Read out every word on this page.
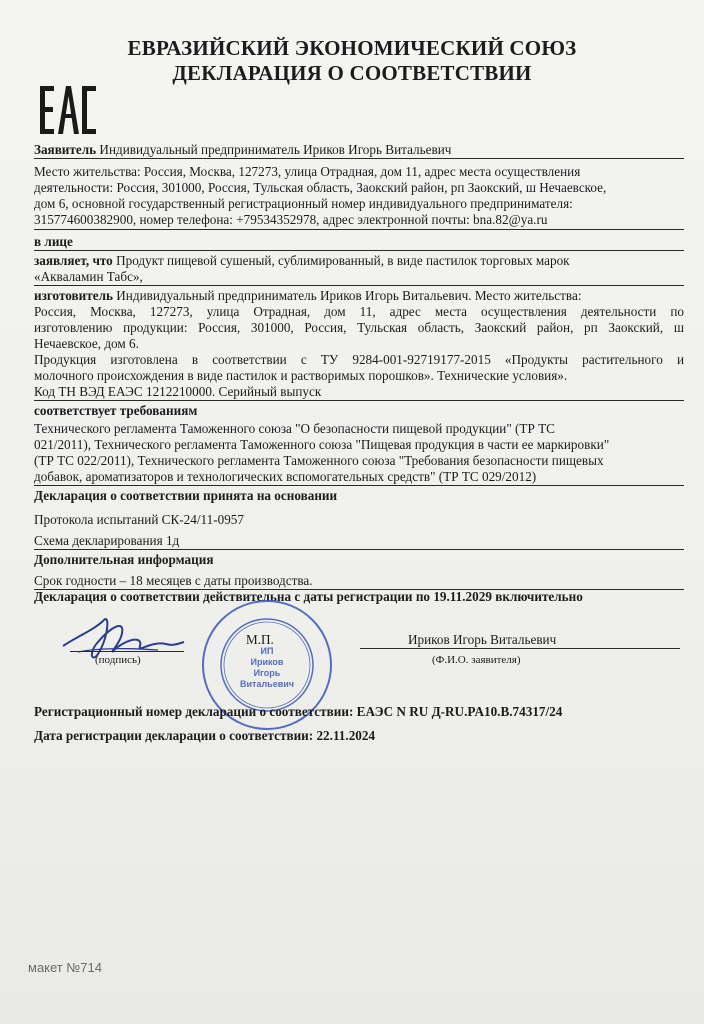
ЕВРАЗИЙСКИЙ ЭКОНОМИЧЕСКИЙ СОЮЗ
ДЕКЛАРАЦИЯ О СООТВЕТСТВИИ
Заявитель Индивидуальный предприниматель Ириков Игорь Витальевич
Место жительства: Россия, Москва, 127273, улица Отрадная, дом 11, адрес места осуществления
деятельности: Россия, 301000, Россия, Тульская область, Заокский район, рп Заокский, ш Нечаевское,
дом 6, основной государственный регистрационный номер индивидуального предпринимателя:
315774600382900, номер телефона: +79534352978, адрес электронной почты: bna.82@ya.ru
в лице
заявляет, что Продукт пищевой сушеный, сублимированный, в виде пастилок торговых марок
«Аквaламин Табс»,
изготовитель Индивидуальный предприниматель Ириков Игорь Витальевич. Место жительства:
Россия, Москва, 127273, улица Отрадная, дом 11, адрес места осуществления деятельности по
изготовлению продукции: Россия, 301000, Россия, Тульская область, Заокский район, рп Заокский, ш
Нечаевское, дом 6.
Продукция изготовлена в соответствии с ТУ 9284-001-92719177-2015 «Продукты растительного и
молочного происхождения в виде пастилок и растворимых порошков». Технические условия».
Код ТН ВЭД ЕАЭС 1212210000. Серийный выпуск
соответствует требованиям
Технического регламента Таможенного союза "О безопасности пищевой продукции" (ТР ТС
021/2011), Технического регламента Таможенного союза "Пищевая продукция в части ее маркировки"
(ТР ТС 022/2011), Технического регламента Таможенного союза "Требования безопасности пищевых
добавок, ароматизаторов и технологических вспомогательных средств" (ТР ТС 029/2012)
Декларация о соответствии принята на основании
Протокола испытаний СК-24/11-0957
Схема декларирования 1д
Дополнительная информация
Срок годности – 18 месяцев с даты производства.
Декларация о соответствии действительна с даты регистрации по 19.11.2029 включительно
(подпись)
М.П.	Ириков Игорь Витальевич
(Ф.И.О. заявителя)
ИП
Ириков
Игорь
Витальевич
Регистрационный номер декларации о соответствии: ЕАЭС N RU Д-RU.PA10.B.74317/24
Дата регистрации декларации о соответствии: 22.11.2024
макет №714
